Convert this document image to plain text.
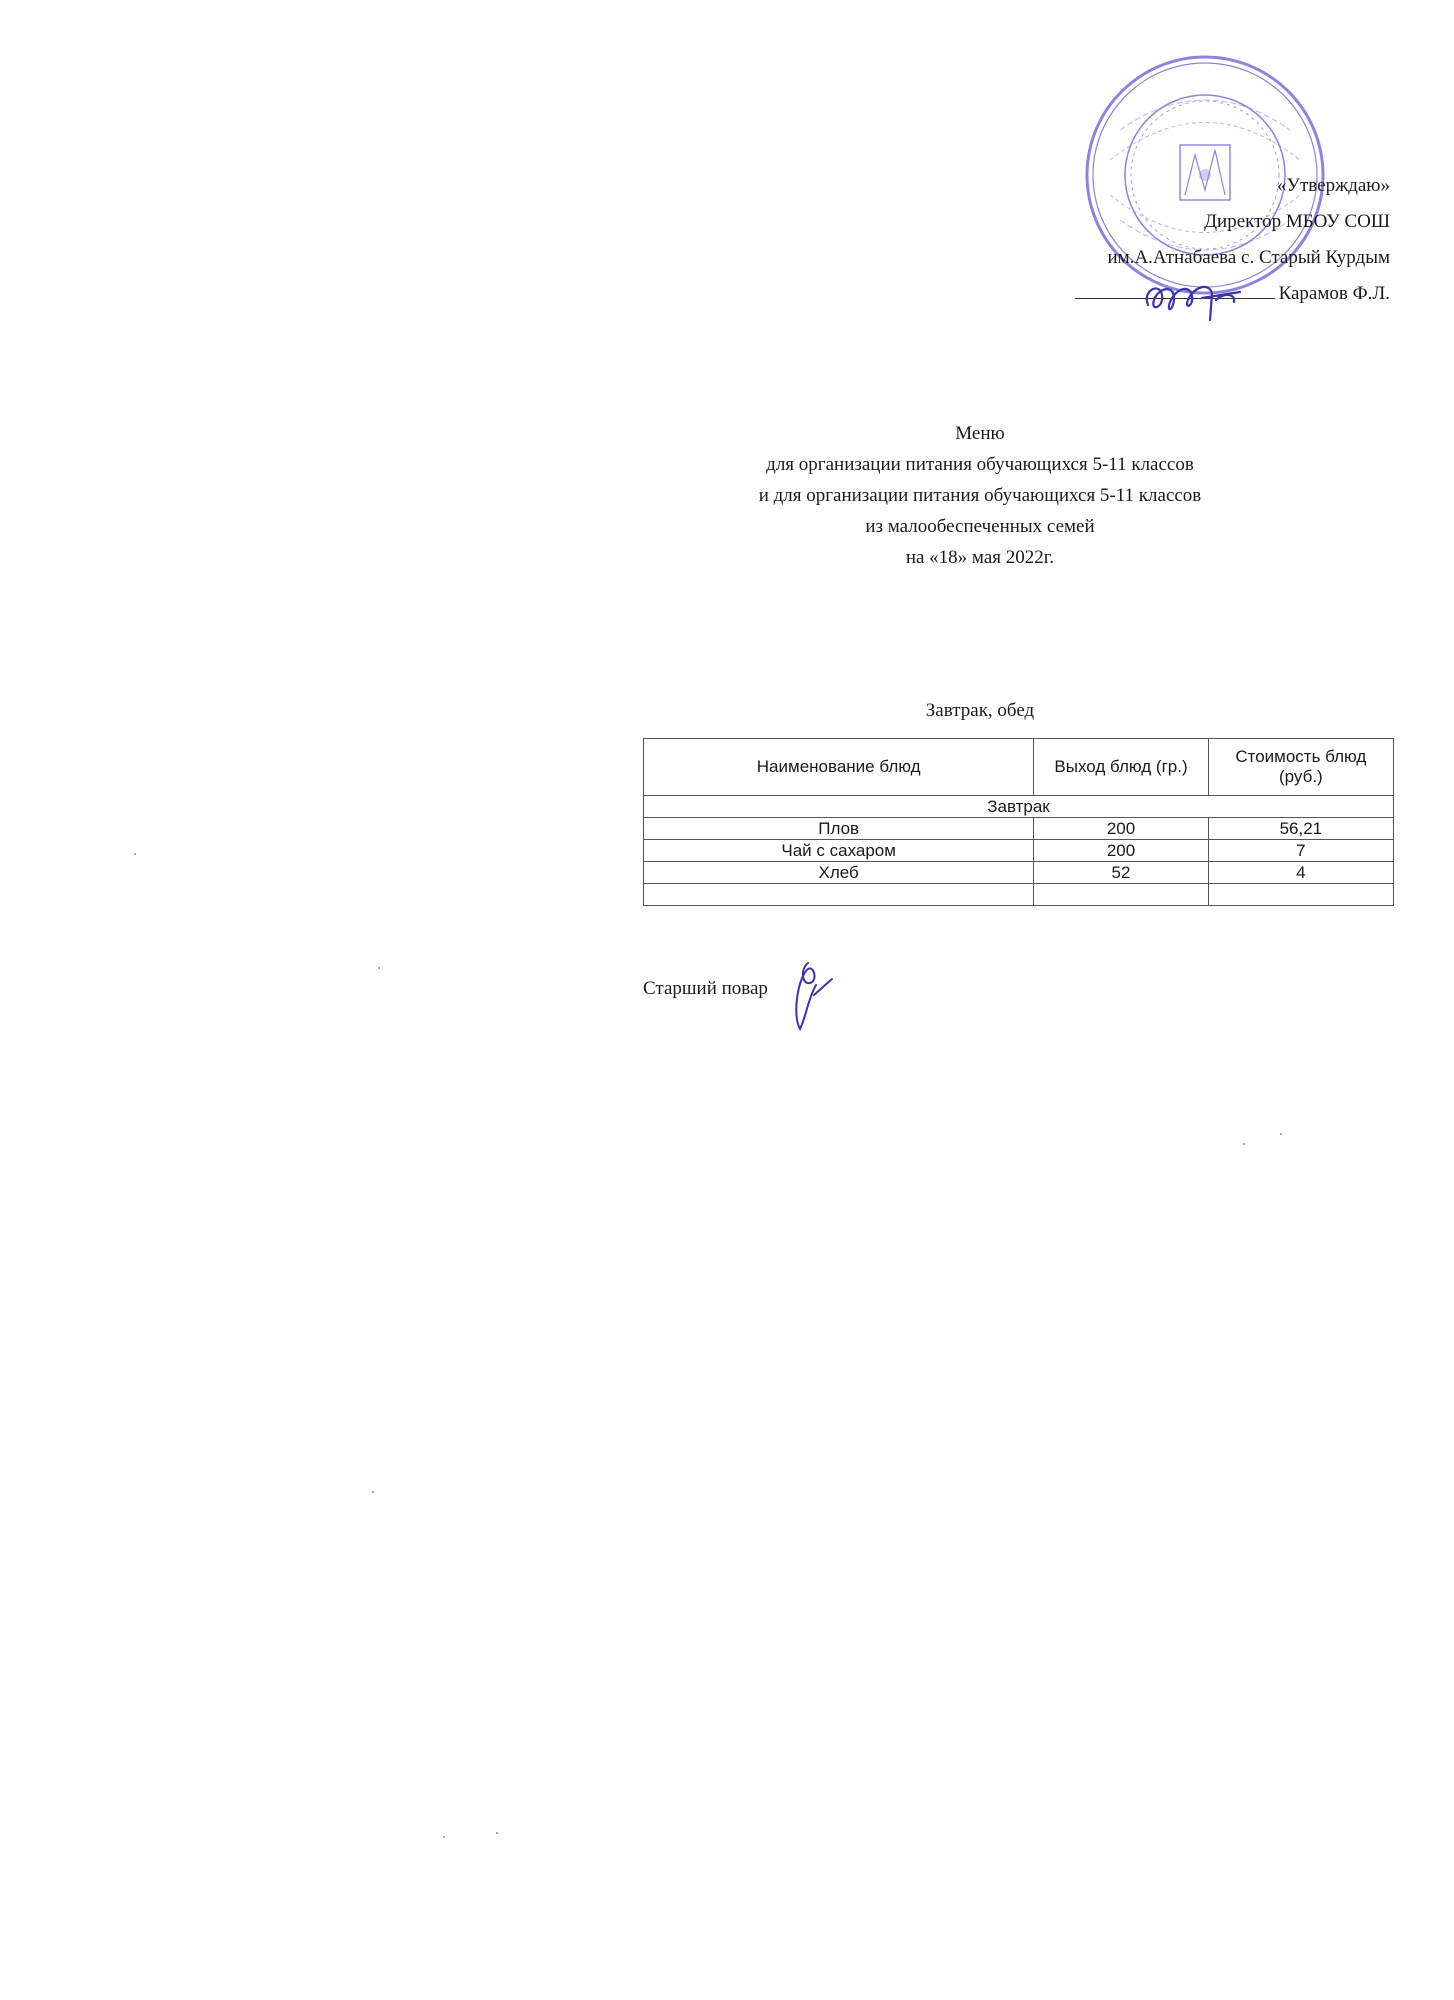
«Утверждаю»
Директор МБОУ СОШ
им.А.Атнабаева с. Старый Курдым
Карамов Ф.Л.
Меню
для организации питания обучающихся 5-11 классов
и для организации питания обучающихся 5-11 классов
из малообеспеченных семей
на «18» мая 2022г.
Завтрак, обед
Наименование блюд	Выход блюд (гр.)	Стоимость блюд (руб.)
Завтрак		
Плов	200	56,21
Чай с сахаром	200	7
Хлеб	52	4

Старший повар
